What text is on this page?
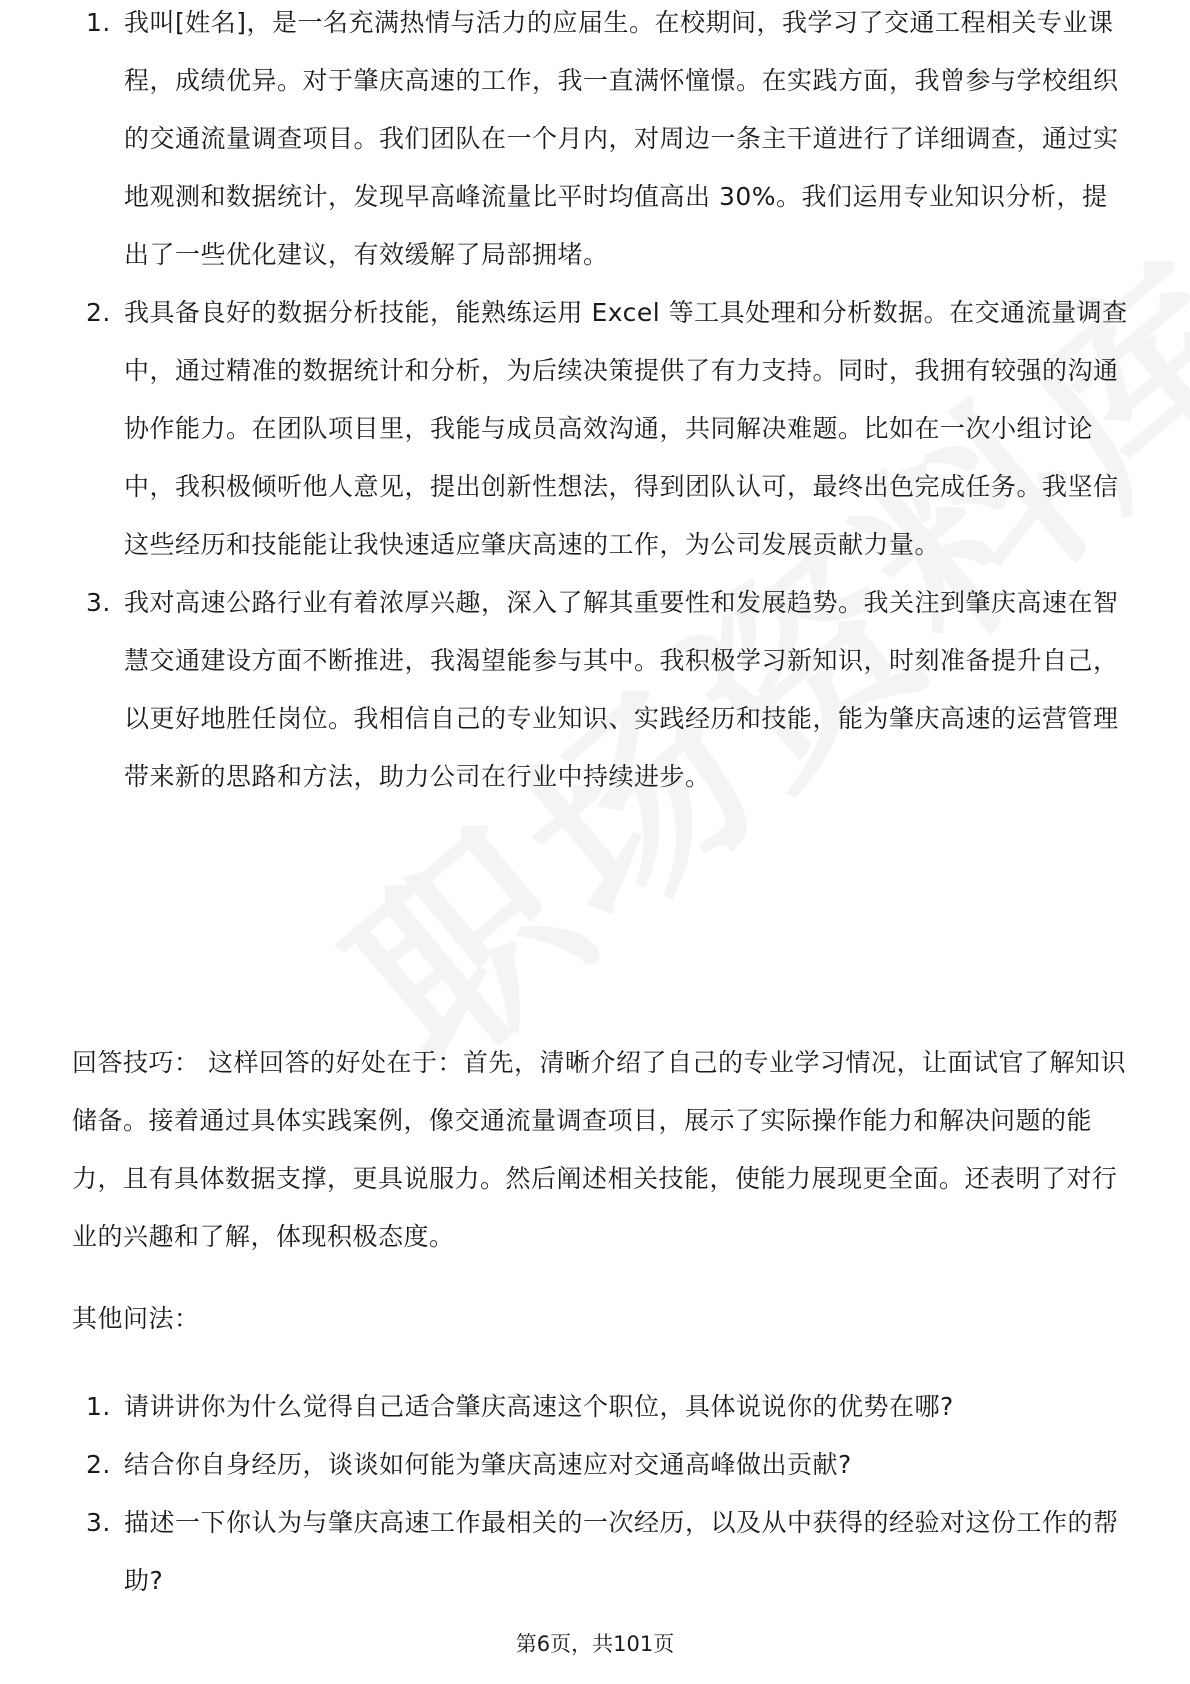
1. 我叫[姓名]，是一名充满热情与活力的应届生。在校期间，我学习了交通工程相关专业课程，成绩优异。对于肇庆高速的工作，我一直满怀憧憬。在实践方面，我曾参与学校组织的交通流量调查项目。我们团队在一个月内，对周边一条主干道进行了详细调查，通过实地观测和数据统计，发现早高峰流量比平时均值高出 30%。我们运用专业知识分析，提出了一些优化建议，有效缓解了局部拥堵。
2. 我具备良好的数据分析技能，能熟练运用 Excel 等工具处理和分析数据。在交通流量调查中，通过精准的数据统计和分析，为后续决策提供了有力支持。同时，我拥有较强的沟通协作能力。在团队项目里，我能与成员高效沟通，共同解决难题。比如在一次小组讨论中，我积极倾听他人意见，提出创新性想法，得到团队认可，最终出色完成任务。我坚信这些经历和技能能让我快速适应肇庆高速的工作，为公司发展贡献力量。
3. 我对高速公路行业有着浓厚兴趣，深入了解其重要性和发展趋势。我关注到肇庆高速在智慧交通建设方面不断推进，我渴望能参与其中。我积极学习新知识，时刻准备提升自己，以更好地胜任岗位。我相信自己的专业知识、实践经历和技能，能为肇庆高速的运营管理带来新的思路和方法，助力公司在行业中持续进步。

回答技巧： 这样回答的好处在于：首先，清晰介绍了自己的专业学习情况，让面试官了解知识储备。接着通过具体实践案例，像交通流量调查项目，展示了实际操作能力和解决问题的能力，且有具体数据支撑，更具说服力。然后阐述相关技能，使能力展现更全面。还表明了对行业的兴趣和了解，体现积极态度。

其他问法：
1. 请讲讲你为什么觉得自己适合肇庆高速这个职位，具体说说你的优势在哪?
2. 结合你自身经历，谈谈如何能为肇庆高速应对交通高峰做出贡献?
3. 描述一下你认为与肇庆高速工作最相关的一次经历，以及从中获得的经验对这份工作的帮助?
第6页，共101页
